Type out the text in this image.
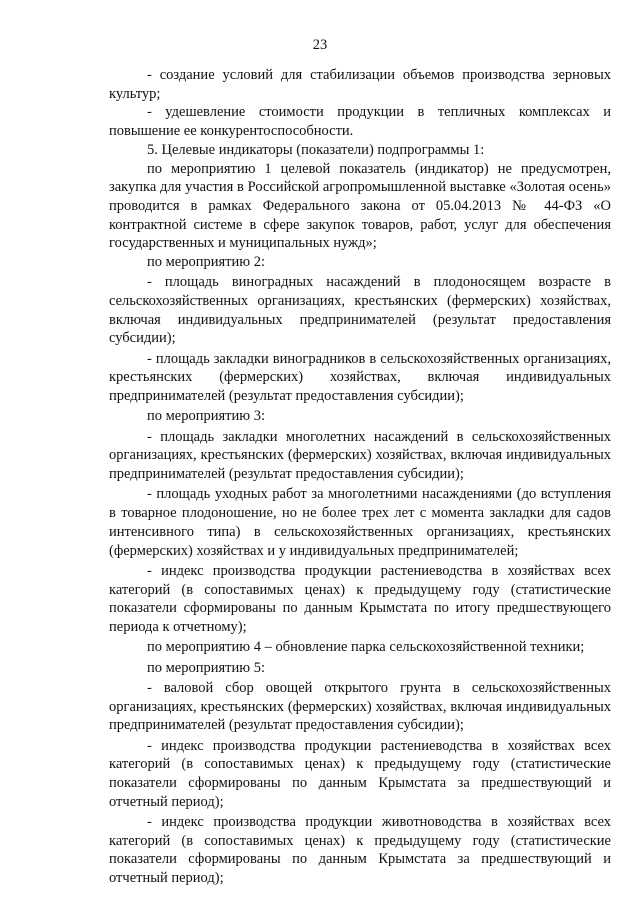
23

- создание условий для стабилизации объемов производства зерновых культур;

- удешевление стоимости продукции в тепличных комплексах и повышение ее конкурентоспособности.

5. Целевые индикаторы (показатели) подпрограммы 1:

по мероприятию 1 целевой показатель (индикатор) не предусмотрен, закупка для участия в Российской агропромышленной выставке «Золотая осень» проводится в рамках Федерального закона от 05.04.2013 № 44-ФЗ «О контрактной системе в сфере закупок товаров, работ, услуг для обеспечения государственных и муниципальных нужд»;

по мероприятию 2:

- площадь виноградных насаждений в плодоносящем возрасте в сельскохозяйственных организациях, крестьянских (фермерских) хозяйствах, включая индивидуальных предпринимателей (результат предоставления субсидии);

- площадь закладки виноградников в сельскохозяйственных организациях, крестьянских (фермерских) хозяйствах, включая индивидуальных предпринимателей (результат предоставления субсидии);

по мероприятию 3:

- площадь закладки многолетних насаждений в сельскохозяйственных организациях, крестьянских (фермерских) хозяйствах, включая индивидуальных предпринимателей (результат предоставления субсидии);

- площадь уходных работ за многолетними насаждениями (до вступления в товарное плодоношение, но не более трех лет с момента закладки для садов интенсивного типа) в сельскохозяйственных организациях, крестьянских (фермерских) хозяйствах и у индивидуальных предпринимателей;

- индекс производства продукции растениеводства в хозяйствах всех категорий (в сопоставимых ценах) к предыдущему году (статистические показатели сформированы по данным Крымстата по итогу предшествующего периода к отчетному);

по мероприятию 4 – обновление парка сельскохозяйственной техники;

по мероприятию 5:

- валовой сбор овощей открытого грунта в сельскохозяйственных организациях, крестьянских (фермерских) хозяйствах, включая индивидуальных предпринимателей (результат предоставления субсидии);

- индекс производства продукции растениеводства в хозяйствах всех категорий (в сопоставимых ценах) к предыдущему году (статистические показатели сформированы по данным Крымстата за предшествующий и отчетный период);

- индекс производства продукции животноводства в хозяйствах всех категорий (в сопоставимых ценах) к предыдущему году (статистические показатели сформированы по данным Крымстата за предшествующий и отчетный период);
